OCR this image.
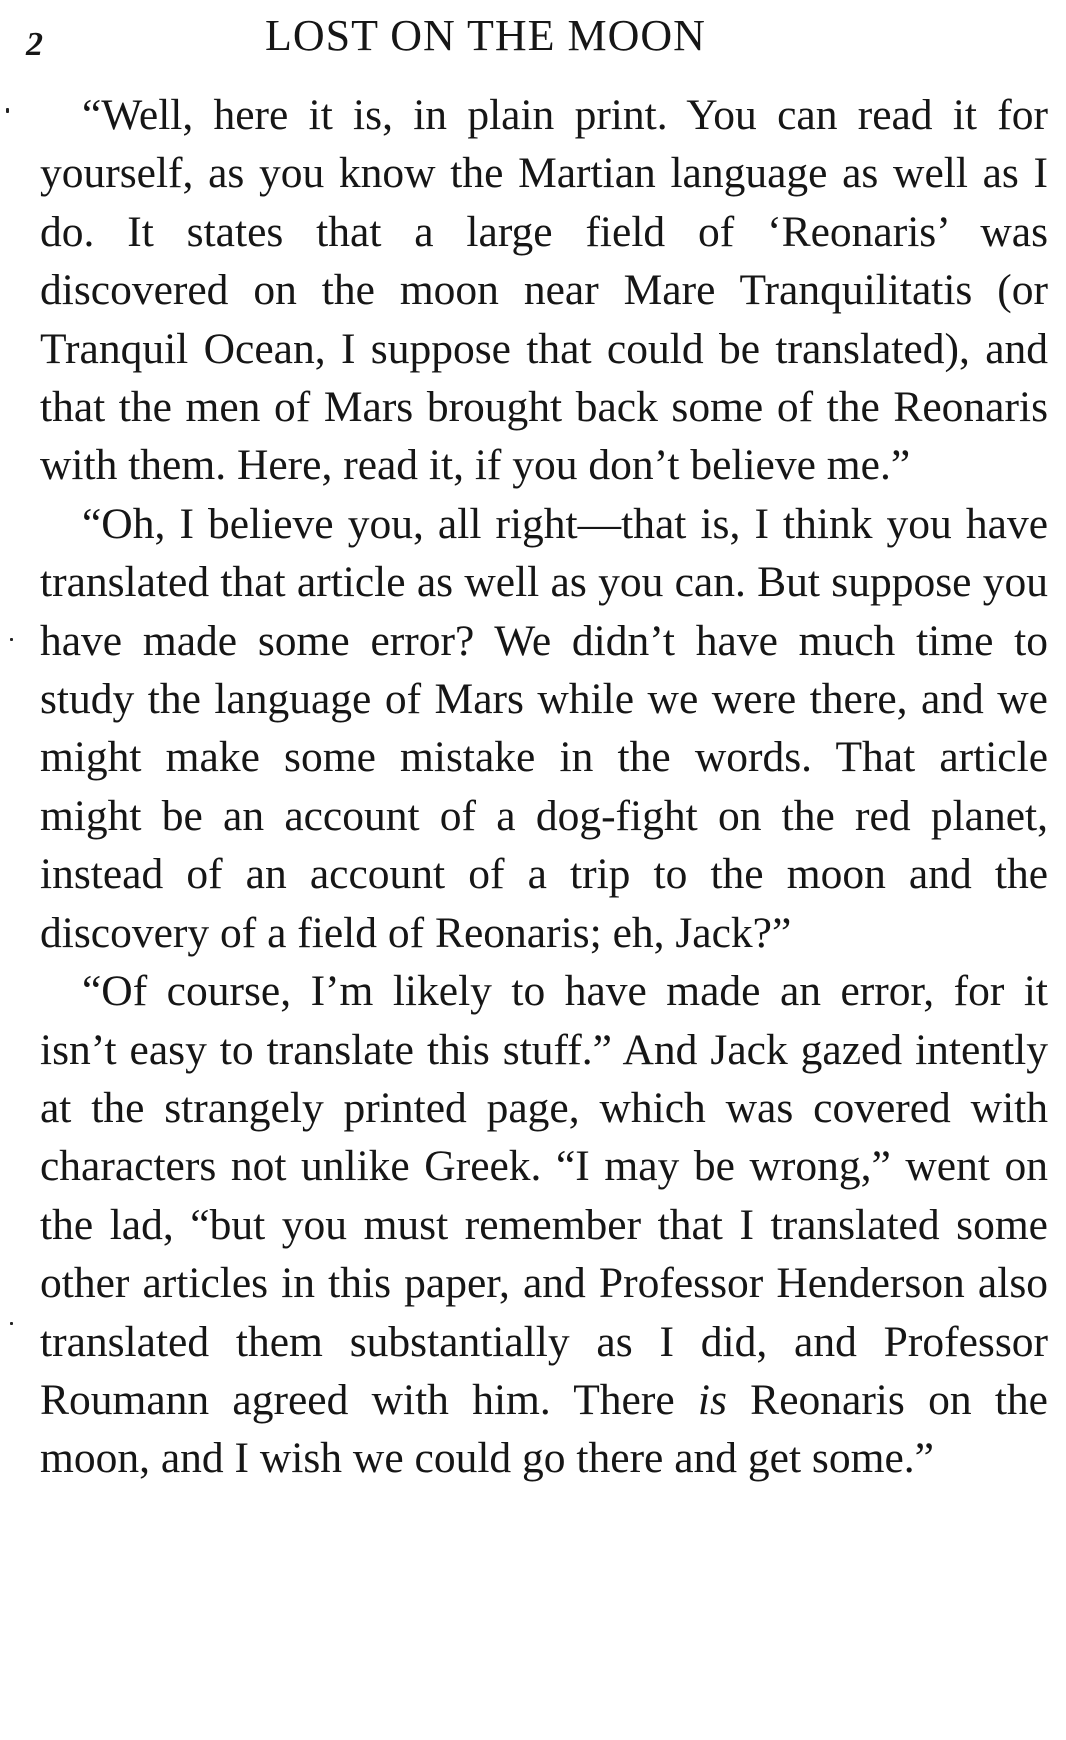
2	LOST ON THE MOON

“Well, here it is, in plain print. You can read it for yourself, as you know the Martian language as well as I do. It states that a large field of ‘Reonaris’ was discovered on the moon near Mare Tranquilitatis (or Tranquil Ocean, I suppose that could be translated), and that the men of Mars brought back some of the Reonaris with them. Here, read it, if you don’t believe me.”

“Oh, I believe you, all right—that is, I think you have translated that article as well as you can. But suppose you have made some error? We didn’t have much time to study the language of Mars while we were there, and we might make some mistake in the words. That article might be an account of a dog-fight on the red planet, instead of an account of a trip to the moon and the discovery of a field of Reonaris; eh, Jack?”

“Of course, I’m likely to have made an error, for it isn’t easy to translate this stuff.” And Jack gazed intently at the strangely printed page, which was covered with characters not unlike Greek. “I may be wrong,” went on the lad, “but you must remember that I translated some other articles in this paper, and Professor Henderson also translated them substantially as I did, and Professor Roumann agreed with him. There is Reonaris on the moon, and I wish we could go there and get some.”
